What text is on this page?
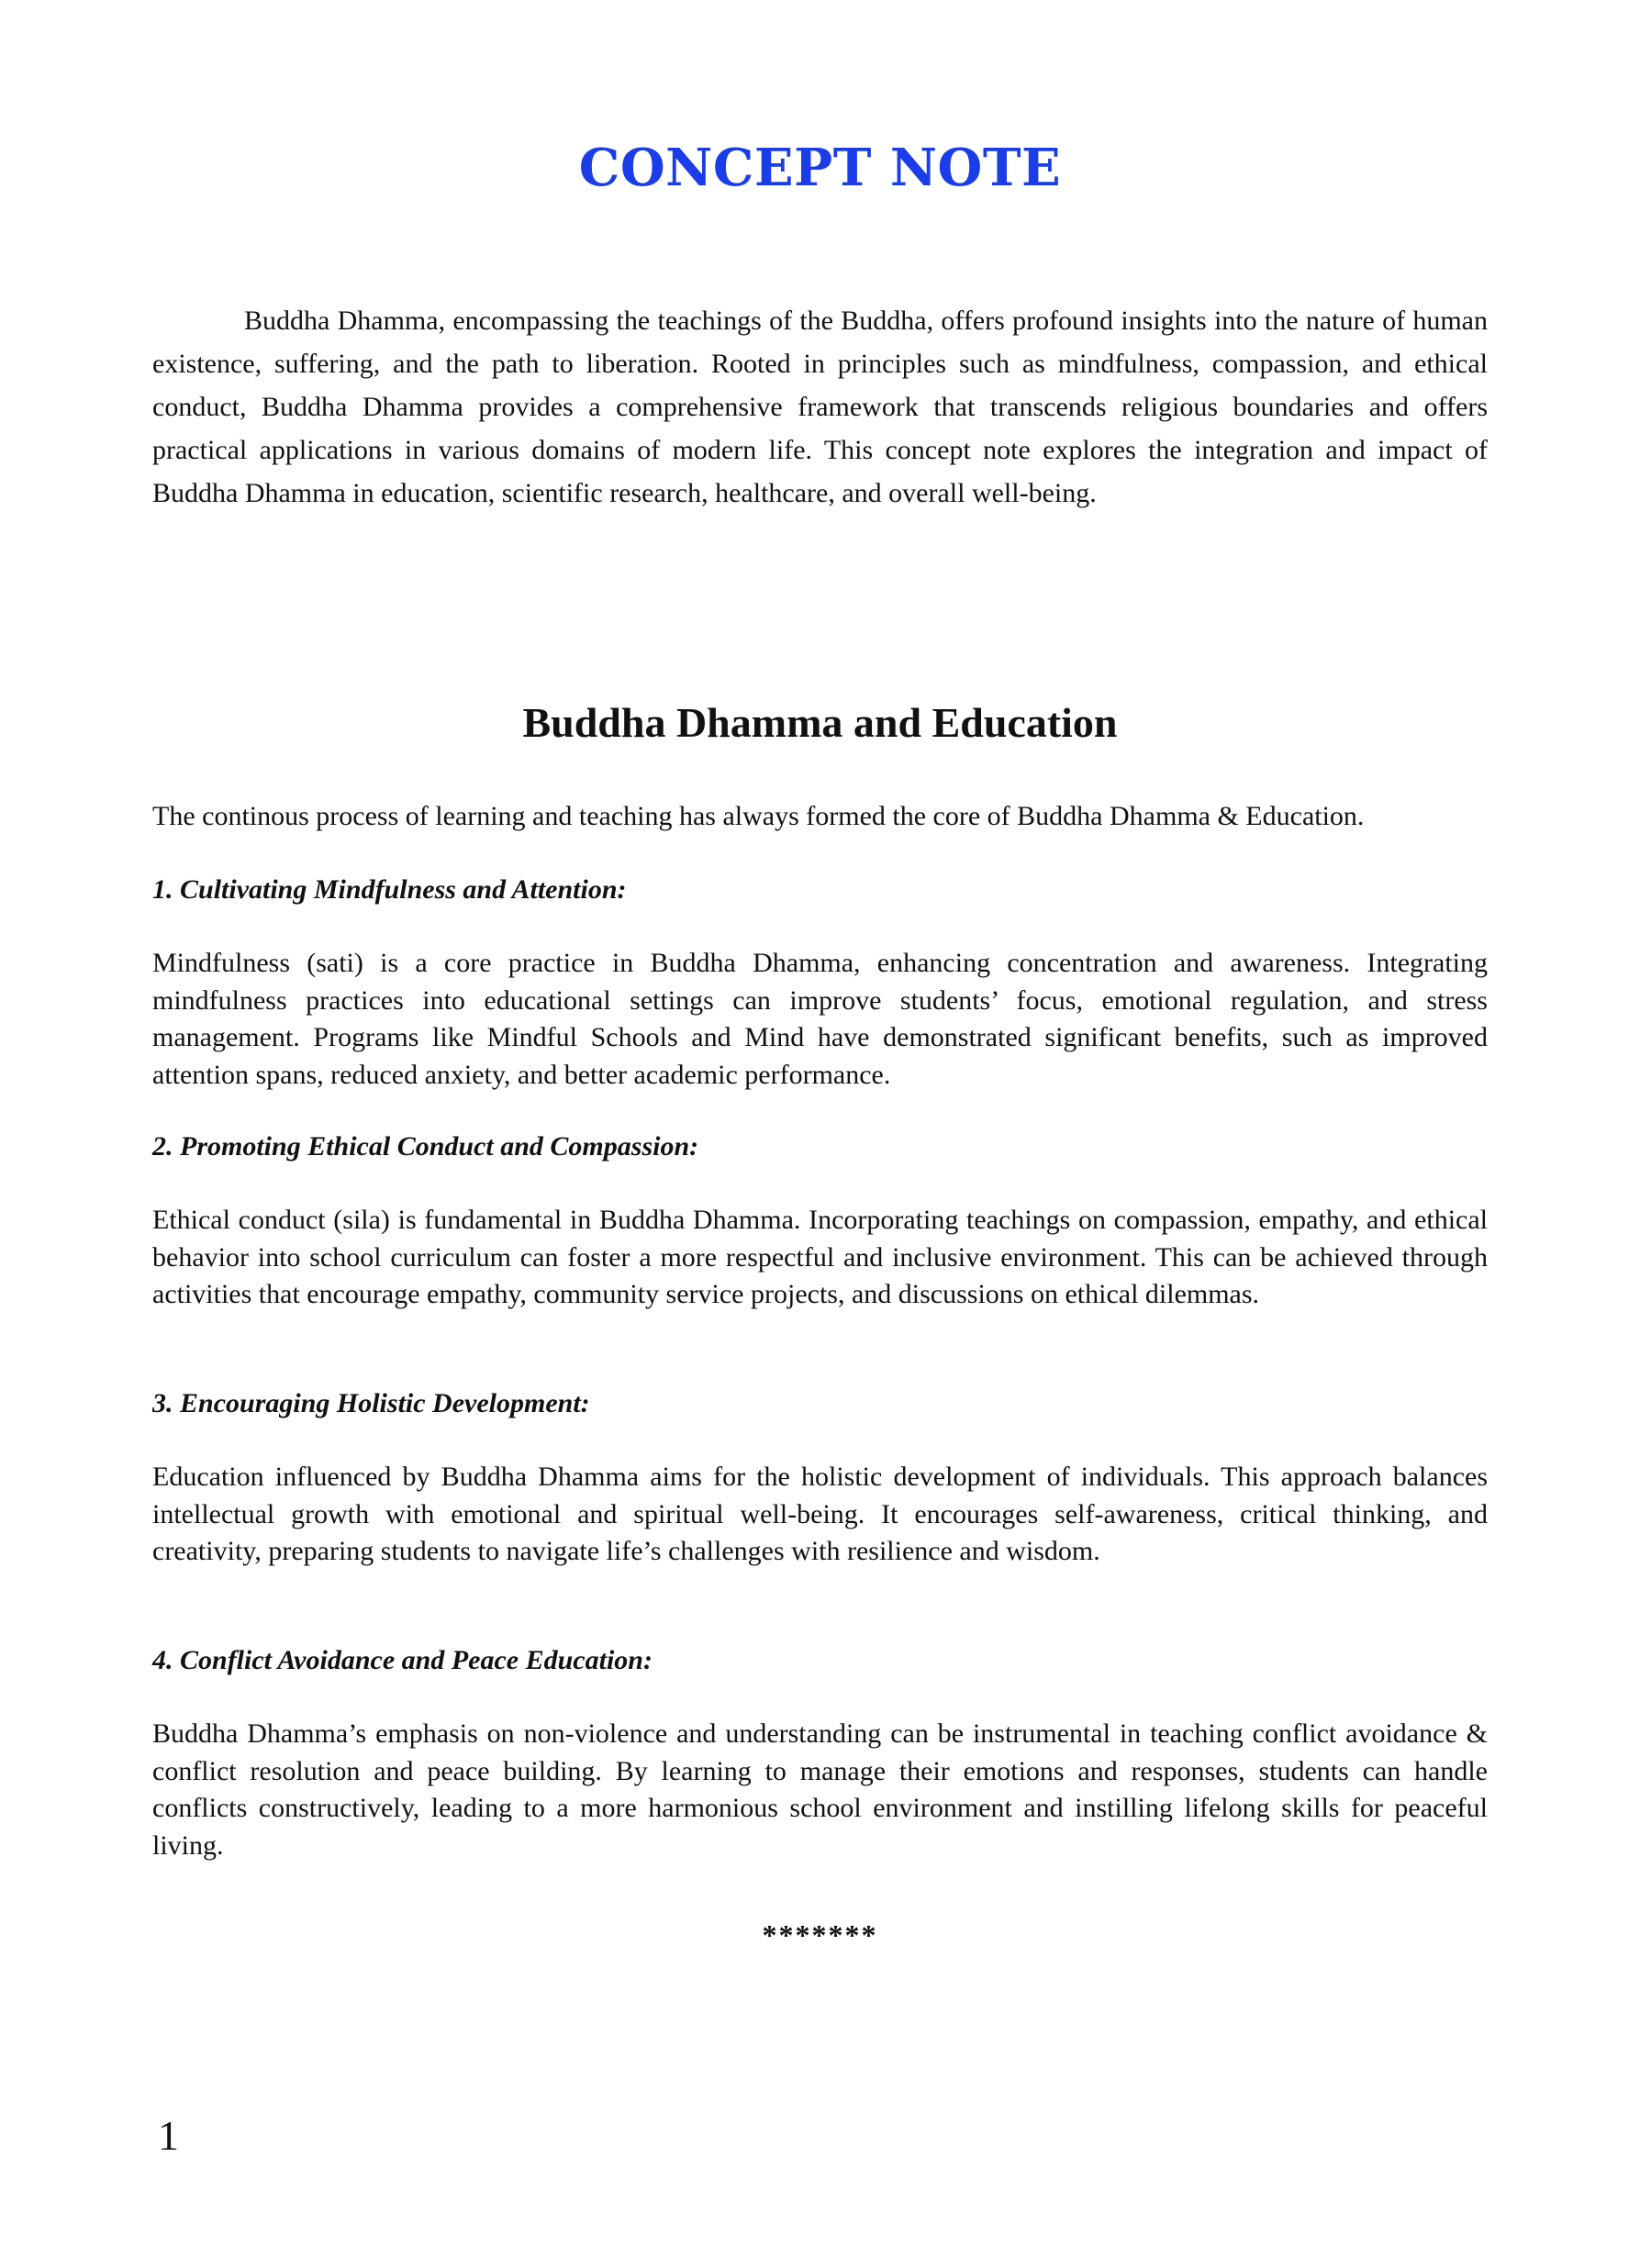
CONCEPT NOTE

Buddha Dhamma, encompassing the teachings of the Buddha, offers profound insights into the nature of human existence, suffering, and the path to liberation. Rooted in principles such as mindfulness, compassion, and ethical conduct, Buddha Dhamma provides a comprehensive framework that transcends religious boundaries and offers practical applications in various domains of modern life. This concept note explores the integration and impact of Buddha Dhamma in education, scientific research, healthcare, and overall well-being.

Buddha Dhamma and Education

The continous process of learning and teaching has always formed the core of Buddha Dhamma & Education.

1. Cultivating Mindfulness and Attention:

Mindfulness (sati) is a core practice in Buddha Dhamma, enhancing concentration and awareness. Integrating mindfulness practices into educational settings can improve students’ focus, emotional regulation, and stress management. Programs like Mindful Schools and Mind have demonstrated significant benefits, such as improved attention spans, reduced anxiety, and better academic performance.

2. Promoting Ethical Conduct and Compassion:

Ethical conduct (sila) is fundamental in Buddha Dhamma. Incorporating teachings on compassion, empathy, and ethical behavior into school curriculum can foster a more respectful and inclusive environment. This can be achieved through activities that encourage empathy, community service projects, and discussions on ethical dilemmas.

3. Encouraging Holistic Development:

Education influenced by Buddha Dhamma aims for the holistic development of individuals. This approach balances intellectual growth with emotional and spiritual well-being. It encourages self-awareness, critical thinking, and creativity, preparing students to navigate life’s challenges with resilience and wisdom.

4. Conflict Avoidance and Peace Education:

Buddha Dhamma’s emphasis on non-violence and understanding can be instrumental in teaching conflict avoidance & conflict resolution and peace building. By learning to manage their emotions and responses, students can handle conflicts constructively, leading to a more harmonious school environment and instilling lifelong skills for peaceful living.

*******

1
